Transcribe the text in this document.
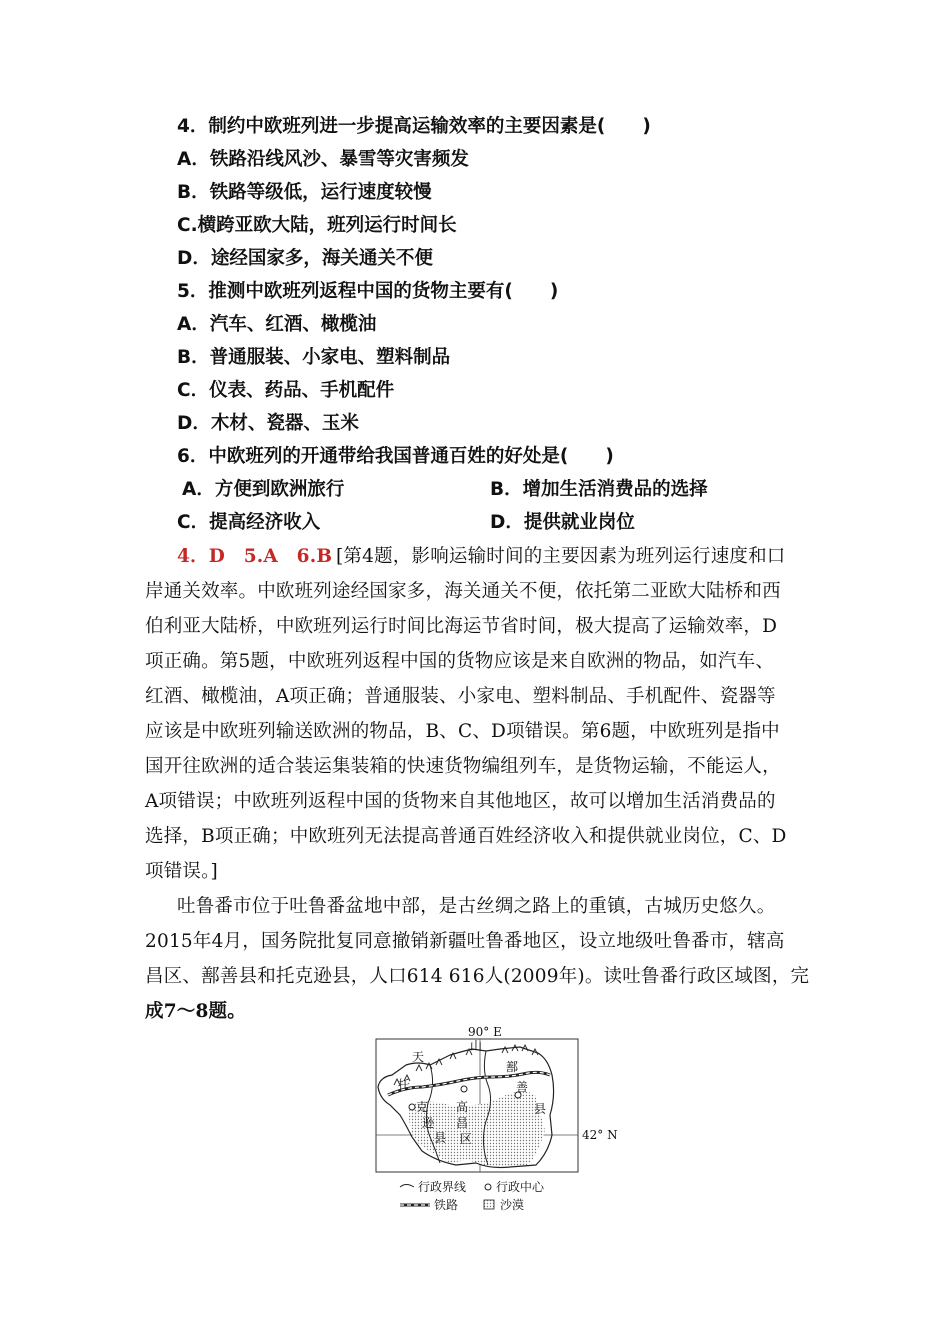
4．制约中欧班列进一步提高运输效率的主要因素是(　　)
A．铁路沿线风沙、暴雪等灾害频发
B．铁路等级低，运行速度较慢
C.横跨亚欧大陆，班列运行时间长
D．途经国家多，海关通关不便
5．推测中欧班列返程中国的货物主要有(　　)
A．汽车、红酒、橄榄油
B．普通服装、小家电、塑料制品
C．仪表、药品、手机配件
D．木材、瓷器、玉米
6．中欧班列的开通带给我国普通百姓的好处是(　　)
A．方便到欧洲旅行	B．增加生活消费品的选择
C．提高经济收入	D．提供就业岗位
4．D　5.A　6.B [第4题，影响运输时间的主要因素为班列运行速度和口
岸通关效率。中欧班列途经国家多，海关通关不便，依托第二亚欧大陆桥和西
伯利亚大陆桥，中欧班列运行时间比海运节省时间，极大提高了运输效率，D
项正确。第5题，中欧班列返程中国的货物应该是来自欧洲的物品，如汽车、
红酒、橄榄油，A项正确；普通服装、小家电、塑料制品、手机配件、瓷器等
应该是中欧班列输送欧洲的物品，B、C、D项错误。第6题，中欧班列是指中
国开往欧洲的适合装运集装箱的快速货物编组列车，是货物运输，不能运人，
A项错误；中欧班列返程中国的货物来自其他地区，故可以增加生活消费品的
选择，B项正确；中欧班列无法提高普通百姓经济收入和提供就业岗位，C、D
项错误。]
吐鲁番市位于吐鲁番盆地中部，是古丝绸之路上的重镇，古城历史悠久。
2015年4月，国务院批复同意撤销新疆吐鲁番地区，设立地级吐鲁番市，辖高
昌区、鄯善县和托克逊县，人口614 616人(2009年)。读吐鲁番行政区域图，完
成7～8题。
90° E
42° N
天
山
托
克
逊
县
高
昌
区
鄯
善
县
行政界线 行政中心
铁路	沙漠
